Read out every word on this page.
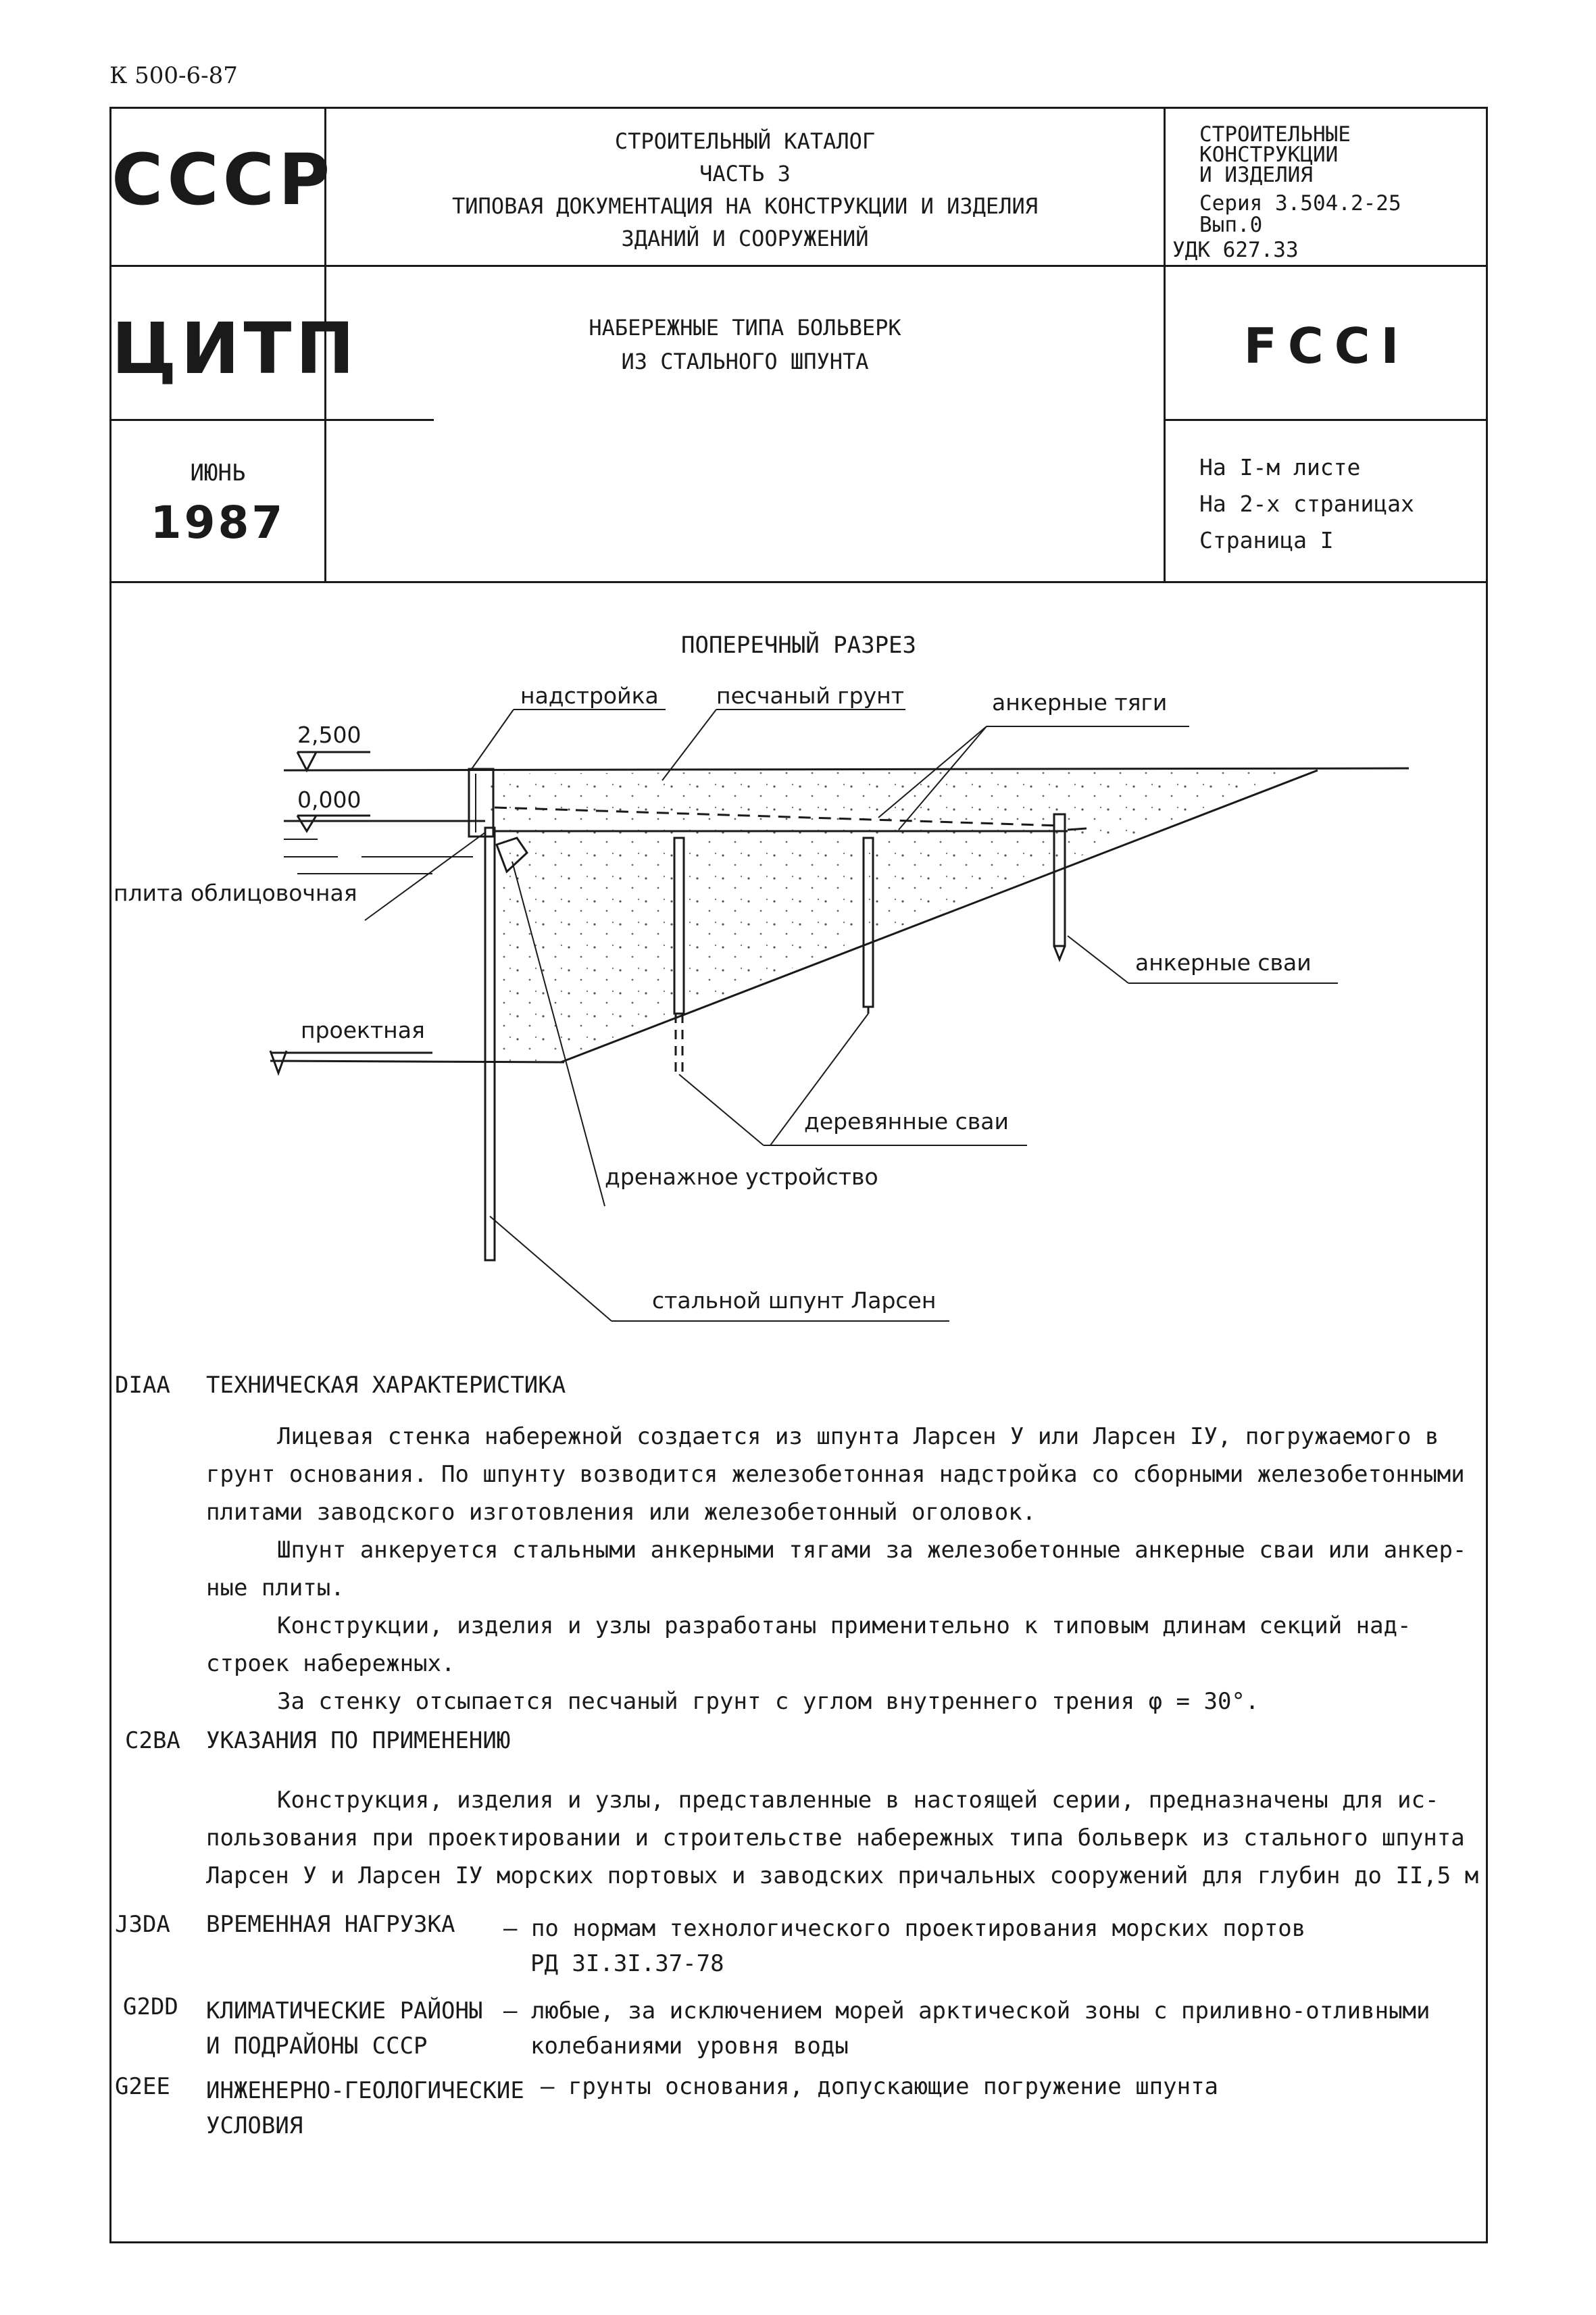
К 500-6-87
СССР
ЦИТП
ИЮНЬ
1987
СТРОИТЕЛЬНЫЙ КАТАЛОГ
ЧАСТЬ 3
ТИПОВАЯ ДОКУМЕНТАЦИЯ НА КОНСТРУКЦИИ И ИЗДЕЛИЯ
ЗДАНИЙ И СООРУЖЕНИЙ
НАБЕРЕЖНЫЕ ТИПА БОЛЬВЕРК
ИЗ СТАЛЬНОГО ШПУНТА
СТРОИТЕЛЬНЫЕ
КОНСТРУКЦИИ
И ИЗДЕЛИЯ
Серия 3.504.2-25
Вып.0
УДК 627.33
FCCI
На I-м листе
На 2-х страницах
Страница I
ПОПЕРЕЧНЫЙ РАЗРЕЗ
2,500
0,000
надстройка	песчаный грунт	анкерные тяги
плита облицовочная
анкерные сваи
проектная
деревянные сваи
дренажное устройство
стальной шпунт Ларсен
DIAA ТЕХНИЧЕСКАЯ ХАРАКТЕРИСТИКА
Лицевая стенка набережной создается из шпунта Ларсен У или Ларсен IУ, погружаемого в
грунт основания. По шпунту возводится железобетонная надстройка со сборными железобетонными
плитами заводского изготовления или железобетонный оголовок.
Шпунт анкеруется стальными анкерными тягами за железобетонные анкерные сваи или анкер-
ные плиты.
Конструкции, изделия и узлы разработаны применительно к типовым длинам секций над-
строек набережных.
За стенку отсыпается песчаный грунт с углом внутреннего трения φ = 30°.
C2BA УКАЗАНИЯ ПО ПРИМЕНЕНИЮ
Конструкция, изделия и узлы, представленные в настоящей серии, предназначены для ис-
пользования при проектировании и строительстве набережных типа больверк из стального шпунта
Ларсен У и Ларсен IУ морских портовых и заводских причальных сооружений для глубин до II,5 м
J3DA ВРЕМЕННАЯ НАГРУЗКА – по нормам технологического проектирования морских портов
РД 3I.3I.37-78
G2DD КЛИМАТИЧЕСКИЕ РАЙОНЫ
И ПОДРАЙОНЫ СССР
– любые, за исключением морей арктической зоны с приливно-отливными
колебаниями уровня воды
G2EE ИНЖЕНЕРНО-ГЕОЛОГИЧЕСКИЕ
УСЛОВИЯ
– грунты основания, допускающие погружение шпунта
